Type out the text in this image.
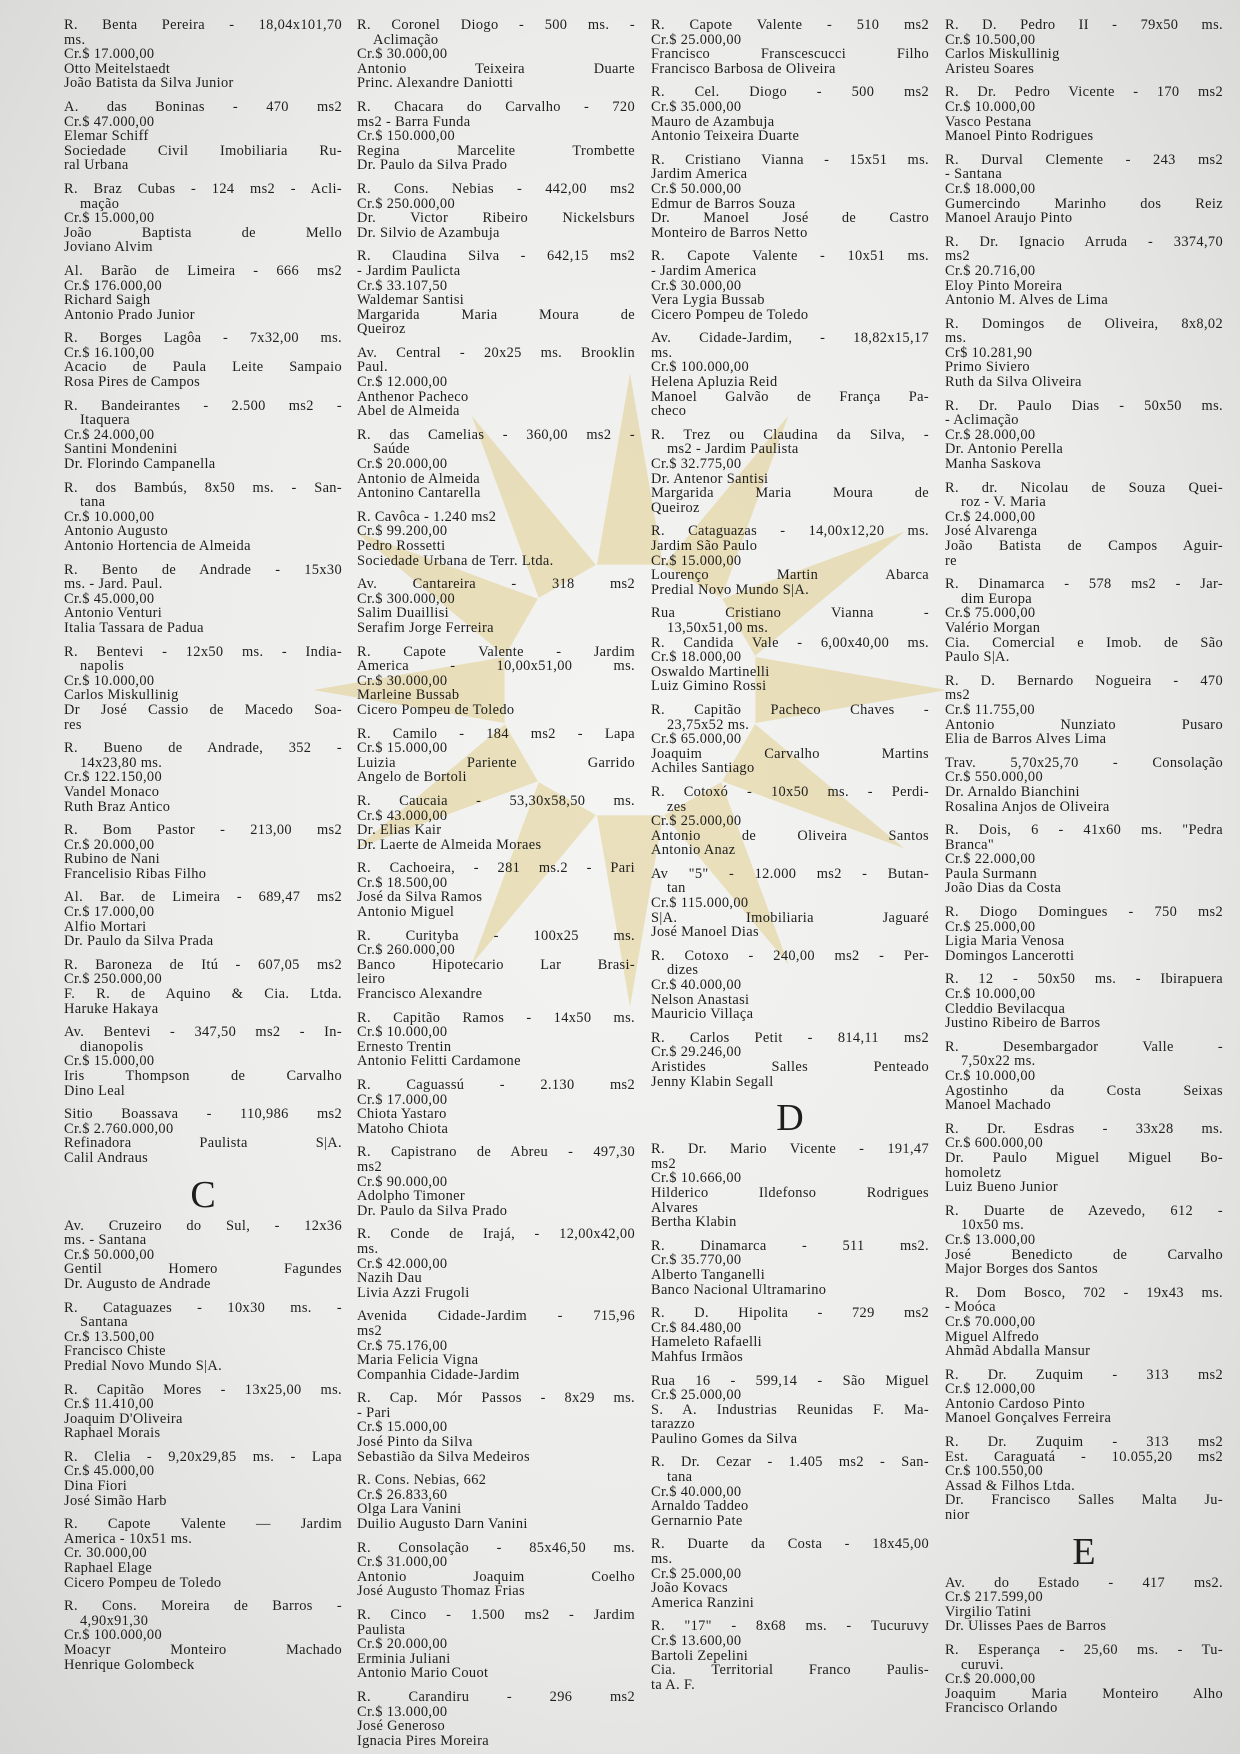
R. Benta Pereira - 18,04x101,70
ms.
Cr.$ 17.000,00
Otto Meitelstaedt
João Batista da Silva Junior
A. das Boninas - 470 ms2
Cr.$ 47.000,00
Elemar Schiff
Sociedade Civil Imobiliaria Ru-
ral Urbana
R. Braz Cubas - 124 ms2 - Acli-
mação
Cr.$ 15.000,00
João Baptista de Mello
Joviano Alvim
Al. Barão de Limeira - 666 ms2
Cr.$ 176.000,00
Richard Saigh
Antonio Prado Junior
R. Borges Lagôa - 7x32,00 ms.
Cr.$ 16.100,00
Acacio de Paula Leite Sampaio
Rosa Pires de Campos
R. Bandeirantes - 2.500 ms2 -
Itaquera
Cr.$ 24.000,00
Santini Mondenini
Dr. Florindo Campanella
R. dos Bambús, 8x50 ms. - San-
tana
Cr.$ 10.000,00
Antonio Augusto
Antonio Hortencia de Almeida
R. Bento de Andrade - 15x30
ms. - Jard. Paul.
Cr.$ 45.000,00
Antonio Venturi
Italia Tassara de Padua
R. Bentevi - 12x50 ms. - India-
napolis
Cr.$ 10.000,00
Carlos Miskullinig
Dr José Cassio de Macedo Soa-
res
R. Bueno de Andrade, 352 -
14x23,80 ms.
Cr.$ 122.150,00
Vandel Monaco
Ruth Braz Antico
R. Bom Pastor - 213,00 ms2
Cr.$ 20.000,00
Rubino de Nani
Francelisio Ribas Filho
Al. Bar. de Limeira - 689,47 ms2
Cr.$ 17.000,00
Alfio Mortari
Dr. Paulo da Silva Prada
R. Baroneza de Itú - 607,05 ms2
Cr.$ 250.000,00
F. R. de Aquino & Cia. Ltda.
Haruke Hakaya
Av. Bentevi - 347,50 ms2 - In-
dianopolis
Cr.$ 15.000,00
Iris Thompson de Carvalho
Dino Leal
Sitio Boassava - 110,986 ms2
Cr.$ 2.760.000,00
Refinadora Paulista S|A.
Calil Andraus
C
Av. Cruzeiro do Sul, - 12x36
ms. - Santana
Cr.$ 50.000,00
Gentil Homero Fagundes
Dr. Augusto de Andrade
R. Cataguazes - 10x30 ms. -
Santana
Cr.$ 13.500,00
Francisco Chiste
Predial Novo Mundo S|A.
R. Capitão Mores - 13x25,00 ms.
Cr.$ 11.410,00
Joaquim D'Oliveira
Raphael Morais
R. Clelia - 9,20x29,85 ms. - Lapa
Cr.$ 45.000,00
Dina Fiori
José Simão Harb
R. Capote Valente — Jardim
America - 10x51 ms.
Cr. 30.000,00
Raphael Elage
Cicero Pompeu de Toledo
R. Cons. Moreira de Barros -
4,90x91,30
Cr.$ 100.000,00
Moacyr Monteiro Machado
Henrique Golombeck
R. Coronel Diogo - 500 ms. -
Aclimação
Cr.$ 30.000,00
Antonio Teixeira Duarte
Princ. Alexandre Daniotti
R. Chacara do Carvalho - 720
ms2 - Barra Funda
Cr.$ 150.000,00
Regina Marcelite Trombette
Dr. Paulo da Silva Prado
R. Cons. Nebias - 442,00 ms2
Cr.$ 250.000,00
Dr. Victor Ribeiro Nickelsburs
Dr. Silvio de Azambuja
R. Claudina Silva - 642,15 ms2
- Jardim Paulicta
Cr.$ 33.107,50
Waldemar Santisi
Margarida Maria Moura de
Queiroz
Av. Central - 20x25 ms. Brooklin
Paul.
Cr.$ 12.000,00
Anthenor Pacheco
Abel de Almeida
R. das Camelias - 360,00 ms2 -
Saúde
Cr.$ 20.000,00
Antonio de Almeida
Antonino Cantarella
R. Cavôca - 1.240 ms2
Cr.$ 99.200,00
Pedro Rossetti
Sociedade Urbana de Terr. Ltda.
Av. Cantareira - 318 ms2
Cr.$ 300.000,00
Salim Duaillisi
Serafim Jorge Ferreira
R. Capote Valente - Jardim
America - 10,00x51,00 ms.
Cr.$ 30.000,00
Marleine Bussab
Cicero Pompeu de Toledo
R. Camilo - 184 ms2 - Lapa
Cr.$ 15.000,00
Luizia Pariente Garrido
Angelo de Bortoli
R. Caucaia - 53,30x58,50 ms.
Cr.$ 43.000,00
Dr. Elias Kair
Dr. Laerte de Almeida Moraes
R. Cachoeira, - 281 ms.2 - Pari
Cr.$ 18.500,00
José da Silva Ramos
Antonio Miguel
R. Curityba - 100x25 ms.
Cr.$ 260.000,00
Banco Hipotecario Lar Brasi-
leiro
Francisco Alexandre
R. Capitão Ramos - 14x50 ms.
Cr.$ 10.000,00
Ernesto Trentin
Antonio Felitti Cardamone
R. Caguassú - 2.130 ms2
Cr.$ 17.000,00
Chiota Yastaro
Matoho Chiota
R. Capistrano de Abreu - 497,30
ms2
Cr.$ 90.000,00
Adolpho Timoner
Dr. Paulo da Silva Prado
R. Conde de Irajá, - 12,00x42,00
ms.
Cr.$ 42.000,00
Nazih Dau
Livia Azzi Frugoli
Avenida Cidade-Jardim - 715,96
ms2
Cr.$ 75.176,00
Maria Felicia Vigna
Companhia Cidade-Jardim
R. Cap. Mór Passos - 8x29 ms.
- Pari
Cr.$ 15.000,00
José Pinto da Silva
Sebastião da Silva Medeiros
R. Cons. Nebias, 662
Cr.$ 26.833,60
Olga Lara Vanini
Duilio Augusto Darn Vanini
R. Consolação - 85x46,50 ms.
Cr.$ 31.000,00
Antonio Joaquim Coelho
José Augusto Thomaz Frias
R. Cinco - 1.500 ms2 - Jardim
Paulista
Cr.$ 20.000,00
Erminia Juliani
Antonio Mario Couot
R. Carandiru - 296 ms2
Cr.$ 13.000,00
José Generoso
Ignacia Pires Moreira
R. Capote Valente - 510 ms2
Cr.$ 25.000,00
Francisco Franscescucci Filho
Francisco Barbosa de Oliveira
R. Cel. Diogo - 500 ms2
Cr.$ 35.000,00
Mauro de Azambuja
Antonio Teixeira Duarte
R. Cristiano Vianna - 15x51 ms.
Jardim America
Cr.$ 50.000,00
Edmur de Barros Souza
Dr. Manoel José de Castro
Monteiro de Barros Netto
R. Capote Valente - 10x51 ms.
- Jardim America
Cr.$ 30.000,00
Vera Lygia Bussab
Cicero Pompeu de Toledo
Av. Cidade-Jardim, - 18,82x15,17
ms.
Cr.$ 100.000,00
Helena Apluzia Reid
Manoel Galvão de França Pa-
checo
R. Trez ou Claudina da Silva, -
ms2 - Jardim Paulista
Cr.$ 32.775,00
Dr. Antenor Santisi
Margarida Maria Moura de
Queiroz
R. Cataguazas - 14,00x12,20 ms.
Jardim São Paulo
Cr.$ 15.000,00
Lourenço Martin Abarca
Predial Novo Mundo S|A.
Rua Cristiano Vianna -
13,50x51,00 ms.
R. Candida Vale - 6,00x40,00 ms.
Cr.$ 18.000,00
Oswaldo Martinelli
Luiz Gimino Rossi
R. Capitão Pacheco Chaves -
23,75x52 ms.
Cr.$ 65.000,00
Joaquim Carvalho Martins
Achiles Santiago
R. Cotoxó - 10x50 ms. - Perdi-
zes
Cr.$ 25.000,00
Antonio de Oliveira Santos
Antonio Anaz
Av "5" - 12.000 ms2 - Butan-
tan
Cr.$ 115.000,00
S|A. Imobiliaria Jaguaré
José Manoel Dias
R. Cotoxo - 240,00 ms2 - Per-
dizes
Cr.$ 40.000,00
Nelson Anastasi
Mauricio Villaça
R. Carlos Petit - 814,11 ms2
Cr.$ 29.246,00
Aristides Salles Penteado
Jenny Klabin Segall
D
R. Dr. Mario Vicente - 191,47
ms2
Cr.$ 10.666,00
Hilderico Ildefonso Rodrigues
Alvares
Bertha Klabin
R. Dinamarca - 511 ms2.
Cr.$ 35.770,00
Alberto Tanganelli
Banco Nacional Ultramarino
R. D. Hipolita - 729 ms2
Cr.$ 84.480,00
Hameleto Rafaelli
Mahfus Irmãos
Rua 16 - 599,14 - São Miguel
Cr.$ 25.000,00
S. A. Industrias Reunidas F. Ma-
tarazzo
Paulino Gomes da Silva
R. Dr. Cezar - 1.405 ms2 - San-
tana
Cr.$ 40.000,00
Arnaldo Taddeo
Gernarnio Pate
R. Duarte da Costa - 18x45,00
ms.
Cr.$ 25.000,00
João Kovacs
America Ranzini
R. "17" - 8x68 ms. - Tucuruvy
Cr.$ 13.600,00
Bartoli Zepelini
Cia. Territorial Franco Paulis-
ta A. F.
R. D. Pedro II - 79x50 ms.
Cr.$ 10.500,00
Carlos Miskullinig
Aristeu Soares
R. Dr. Pedro Vicente - 170 ms2
Cr.$ 10.000,00
Vasco Pestana
Manoel Pinto Rodrigues
R. Durval Clemente - 243 ms2
- Santana
Cr.$ 18.000,00
Gumercindo Marinho dos Reiz
Manoel Araujo Pinto
R. Dr. Ignacio Arruda - 3374,70
ms2
Cr.$ 20.716,00
Eloy Pinto Moreira
Antonio M. Alves de Lima
R. Domingos de Oliveira, 8x8,02
ms.
Cr$ 10.281,90
Primo Siviero
Ruth da Silva Oliveira
R. Dr. Paulo Dias - 50x50 ms.
- Aclimação
Cr.$ 28.000,00
Dr. Antonio Perella
Manha Saskova
R. dr. Nicolau de Souza Quei-
roz - V. Maria
Cr.$ 24.000,00
José Alvarenga
João Batista de Campos Aguir-
re
R. Dinamarca - 578 ms2 - Jar-
dim Europa
Cr.$ 75.000,00
Valério Morgan
Cia. Comercial e Imob. de São
Paulo S|A.
R. D. Bernardo Nogueira - 470
ms2
Cr.$ 11.755,00
Antonio Nunziato Pusaro
Elia de Barros Alves Lima
Trav. 5,70x25,70 - Consolação
Cr.$ 550.000,00
Dr. Arnaldo Bianchini
Rosalina Anjos de Oliveira
R. Dois, 6 - 41x60 ms. "Pedra
Branca"
Cr.$ 22.000,00
Paula Surmann
João Dias da Costa
R. Diogo Domingues - 750 ms2
Cr.$ 25.000,00
Ligia Maria Venosa
Domingos Lancerotti
R. 12 - 50x50 ms. - Ibirapuera
Cr.$ 10.000,00
Cleddio Bevilacqua
Justino Ribeiro de Barros
R. Desembargador Valle -
7,50x22 ms.
Cr.$ 10.000,00
Agostinho da Costa Seixas
Manoel Machado
R. Dr. Esdras - 33x28 ms.
Cr.$ 600.000,00
Dr. Paulo Miguel Miguel Bo-
homoletz
Luiz Bueno Junior
R. Duarte de Azevedo, 612 -
10x50 ms.
Cr.$ 13.000,00
José Benedicto de Carvalho
Major Borges dos Santos
R. Dom Bosco, 702 - 19x43 ms.
- Moóca
Cr.$ 70.000,00
Miguel Alfredo
Ahmãd Abdalla Mansur
R. Dr. Zuquim - 313 ms2
Cr.$ 12.000,00
Antonio Cardoso Pinto
Manoel Gonçalves Ferreira
R. Dr. Zuquim - 313 ms2
Est. Caraguatá - 10.055,20 ms2
Cr.$ 100.550,00
Assad & Filhos Ltda.
Dr. Francisco Salles Malta Ju-
nior
E
Av. do Estado - 417 ms2.
Cr.$ 217.599,00
Virgilio Tatini
Dr. Ulisses Paes de Barros
R. Esperança - 25,60 ms. - Tu-
curuvi.
Cr.$ 20.000,00
Joaquim Maria Monteiro Alho
Francisco Orlando
